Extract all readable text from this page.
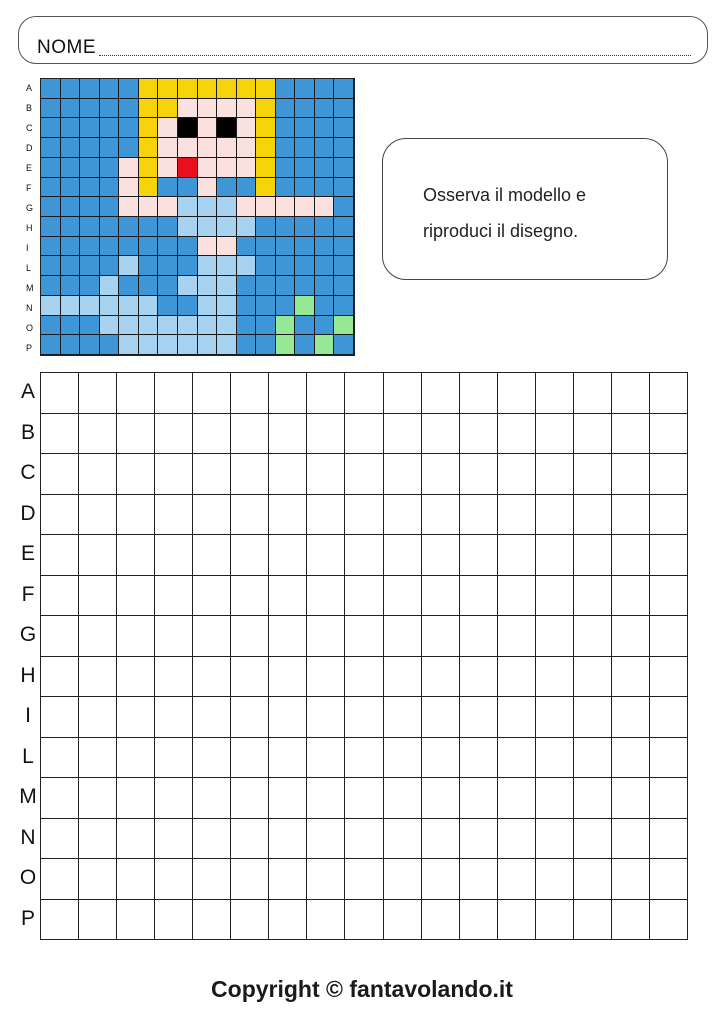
NOME
A
B
C
D
E
F
G
H
I
L
M
N
O
P
Osserva il modello e
riproduci il disegno.
A
B
C
D
E
F
G
H
I
L
M
N
O
P
Copyright © fantavolando.it
